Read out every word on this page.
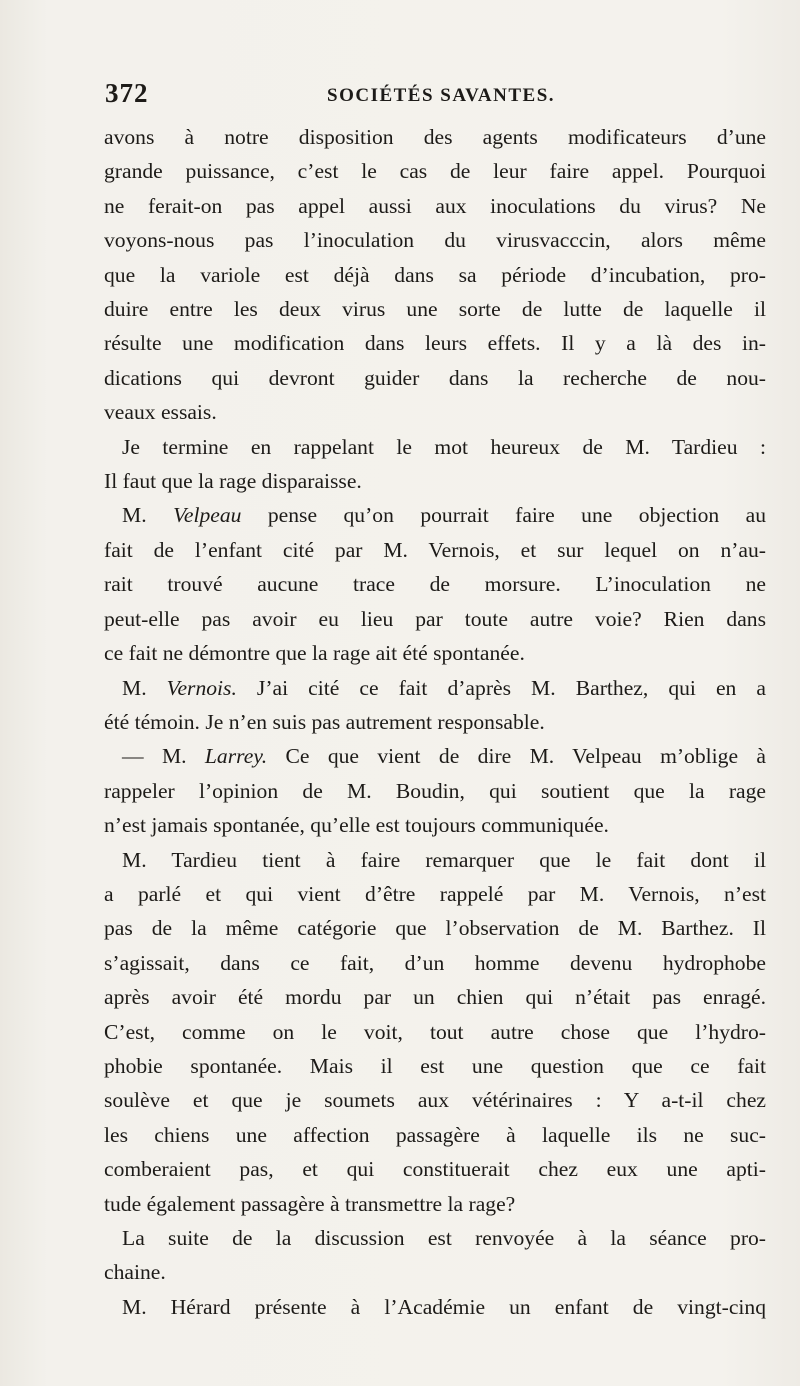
372	SOCIÉTÉS SAVANTES.

avons à notre disposition des agents modificateurs d’une
grande puissance, c’est le cas de leur faire appel. Pourquoi
ne ferait-on pas appel aussi aux inoculations du virus? Ne
voyons-nous pas l’inoculation du virusvacccin, alors même
que la variole est déjà dans sa période d’incubation, pro-
duire entre les deux virus une sorte de lutte de laquelle il
résulte une modification dans leurs effets. Il y a là des in-
dications qui devront guider dans la recherche de nou-
veaux essais.

Je termine en rappelant le mot heureux de M. Tardieu :
Il faut que la rage disparaisse.

M. Velpeau pense qu’on pourrait faire une objection au
fait de l’enfant cité par M. Vernois, et sur lequel on n’au-
rait trouvé aucune trace de morsure. L’inoculation ne
peut-elle pas avoir eu lieu par toute autre voie? Rien dans
ce fait ne démontre que la rage ait été spontanée.

M. Vernois. J’ai cité ce fait d’après M. Barthez, qui en a
été témoin. Je n’en suis pas autrement responsable.

— M. Larrey. Ce que vient de dire M. Velpeau m’oblige à
rappeler l’opinion de M. Boudin, qui soutient que la rage
n’est jamais spontanée, qu’elle est toujours communiquée.

M. Tardieu tient à faire remarquer que le fait dont il
a parlé et qui vient d’être rappelé par M. Vernois, n’est
pas de la même catégorie que l’observation de M. Barthez. Il
s’agissait, dans ce fait, d’un homme devenu hydrophobe
après avoir été mordu par un chien qui n’était pas enragé.
C’est, comme on le voit, tout autre chose que l’hydro-
phobie spontanée. Mais il est une question que ce fait
soulève et que je soumets aux vétérinaires : Y a-t-il chez
les chiens une affection passagère à laquelle ils ne suc-
comberaient pas, et qui constituerait chez eux une apti-
tude également passagère à transmettre la rage?

La suite de la discussion est renvoyée à la séance pro-
chaine.

M. Hérard présente à l’Académie un enfant de vingt-cinq
